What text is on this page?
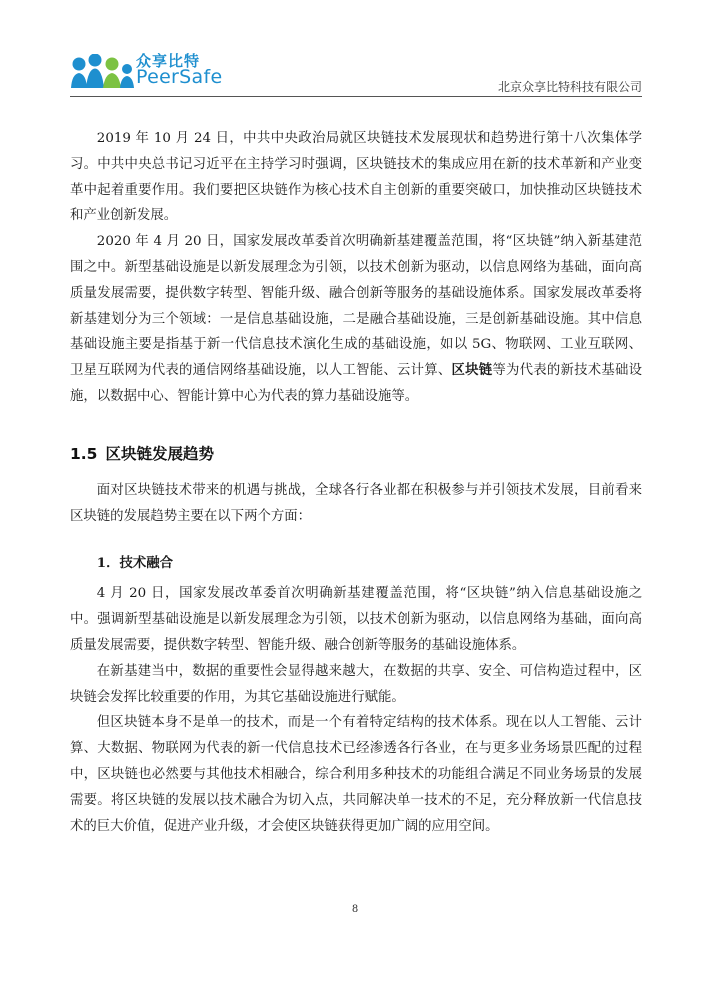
众享比特
PeerSafe	北京众享比特科技有限公司

2019 年 10 月 24 日，中共中央政治局就区块链技术发展现状和趋势进行第十八次集体学习。中共中央总书记习近平在主持学习时强调，区块链技术的集成应用在新的技术革新和产业变革中起着重要作用。我们要把区块链作为核心技术自主创新的重要突破口，加快推动区块链技术和产业创新发展。

2020 年 4 月 20 日，国家发展改革委首次明确新基建覆盖范围，将“区块链”纳入新基建范围之中。新型基础设施是以新发展理念为引领，以技术创新为驱动，以信息网络为基础，面向高质量发展需要，提供数字转型、智能升级、融合创新等服务的基础设施体系。国家发展改革委将新基建划分为三个领域：一是信息基础设施，二是融合基础设施，三是创新基础设施。其中信息基础设施主要是指基于新一代信息技术演化生成的基础设施，如以 5G、物联网、工业互联网、卫星互联网为代表的通信网络基础设施，以人工智能、云计算、区块链等为代表的新技术基础设施，以数据中心、智能计算中心为代表的算力基础设施等。

1.5 区块链发展趋势

面对区块链技术带来的机遇与挑战，全球各行各业都在积极参与并引领技术发展，目前看来区块链的发展趋势主要在以下两个方面：

1．技术融合

4 月 20 日，国家发展改革委首次明确新基建覆盖范围，将“区块链”纳入信息基础设施之中。强调新型基础设施是以新发展理念为引领，以技术创新为驱动，以信息网络为基础，面向高质量发展需要，提供数字转型、智能升级、融合创新等服务的基础设施体系。

在新基建当中，数据的重要性会显得越来越大，在数据的共享、安全、可信构造过程中，区块链会发挥比较重要的作用，为其它基础设施进行赋能。

但区块链本身不是单一的技术，而是一个有着特定结构的技术体系。现在以人工智能、云计算、大数据、物联网为代表的新一代信息技术已经渗透各行各业，在与更多业务场景匹配的过程中，区块链也必然要与其他技术相融合，综合利用多种技术的功能组合满足不同业务场景的发展需要。将区块链的发展以技术融合为切入点，共同解决单一技术的不足，充分释放新一代信息技术的巨大价值，促进产业升级，才会使区块链获得更加广阔的应用空间。

8
